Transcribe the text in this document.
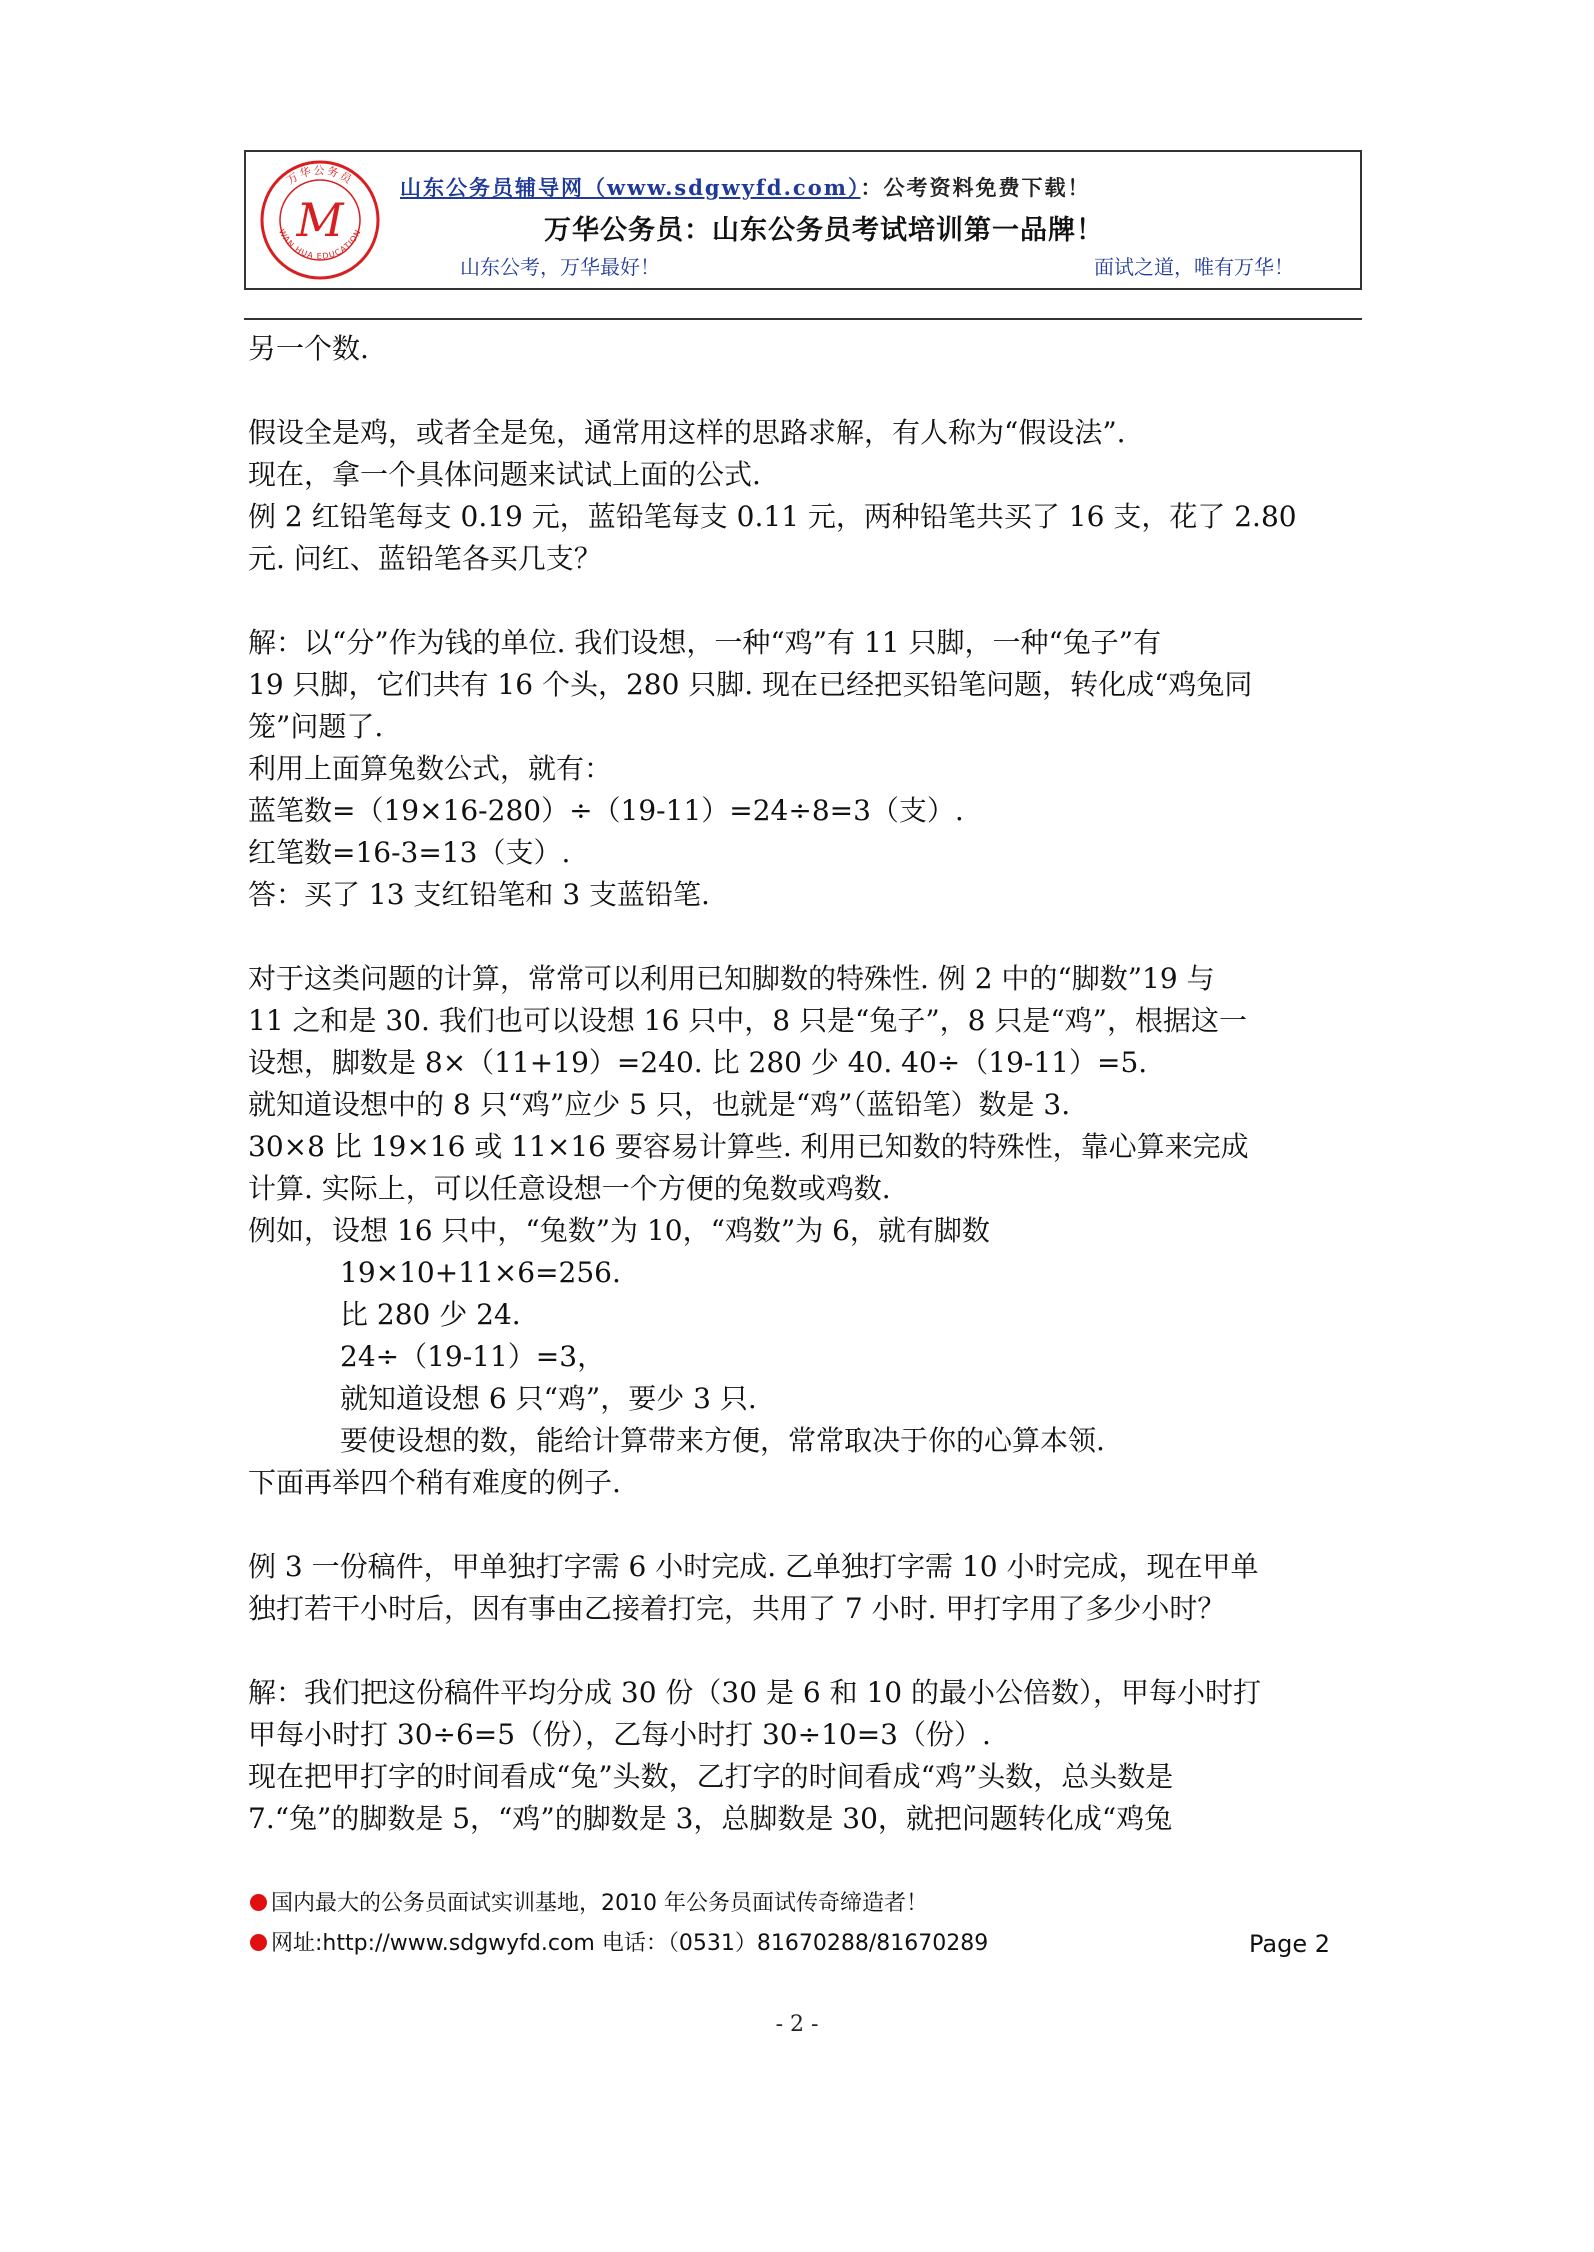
万华公务员
WAN HUA EDUCATION
M
山东公务员辅导网（www.sdgwyfd.com）：公考资料免费下载！
万华公务员：山东公务员考试培训第一品牌！
山东公考，万华最好！	面试之道，唯有万华！

另一个数.

假设全是鸡，或者全是兔，通常用这样的思路求解，有人称为“假设法”.

现在，拿一个具体问题来试试上面的公式.

例 2 红铅笔每支 0.19 元，蓝铅笔每支 0.11 元，两种铅笔共买了 16 支，花了 2.80

元. 问红、蓝铅笔各买几支？

解：以“分”作为钱的单位. 我们设想，一种“鸡”有 11 只脚，一种“兔子”有

19 只脚，它们共有 16 个头，280 只脚. 现在已经把买铅笔问题，转化成“鸡兔同

笼”问题了.

利用上面算兔数公式，就有：

蓝笔数=（19×16-280）÷（19-11）=24÷8=3（支）.

红笔数=16-3=13（支）.

答：买了 13 支红铅笔和 3 支蓝铅笔.

对于这类问题的计算，常常可以利用已知脚数的特殊性. 例 2 中的“脚数”19 与

11 之和是 30. 我们也可以设想 16 只中，8 只是“兔子”，8 只是“鸡”，根据这一

设想，脚数是 8×（11+19）=240. 比 280 少 40. 40÷（19-11）=5.

就知道设想中的 8 只“鸡”应少 5 只，也就是“鸡”（蓝铅笔）数是 3.

30×8 比 19×16 或 11×16 要容易计算些. 利用已知数的特殊性，靠心算来完成

计算. 实际上，可以任意设想一个方便的兔数或鸡数.

例如，设想 16 只中，“兔数”为 10，“鸡数”为 6，就有脚数

19×10+11×6=256.

比 280 少 24.

24÷（19-11）=3，

就知道设想 6 只“鸡”，要少 3 只.

要使设想的数，能给计算带来方便，常常取决于你的心算本领.

下面再举四个稍有难度的例子.

例 3 一份稿件，甲单独打字需 6 小时完成. 乙单独打字需 10 小时完成，现在甲单

独打若干小时后，因有事由乙接着打完，共用了 7 小时. 甲打字用了多少小时？

解：我们把这份稿件平均分成 30 份（30 是 6 和 10 的最小公倍数），甲每小时打

甲每小时打 30÷6=5（份），乙每小时打 30÷10=3（份）.

现在把甲打字的时间看成“兔”头数，乙打字的时间看成“鸡”头数，总头数是

7.“兔”的脚数是 5，“鸡”的脚数是 3，总脚数是 30，就把问题转化成“鸡兔

国内最大的公务员面试实训基地，2010 年公务员面试传奇缔造者！
网址:http://www.sdgwyfd.com 电话：（0531）81670288/81670289	Page 2
- 2 -
